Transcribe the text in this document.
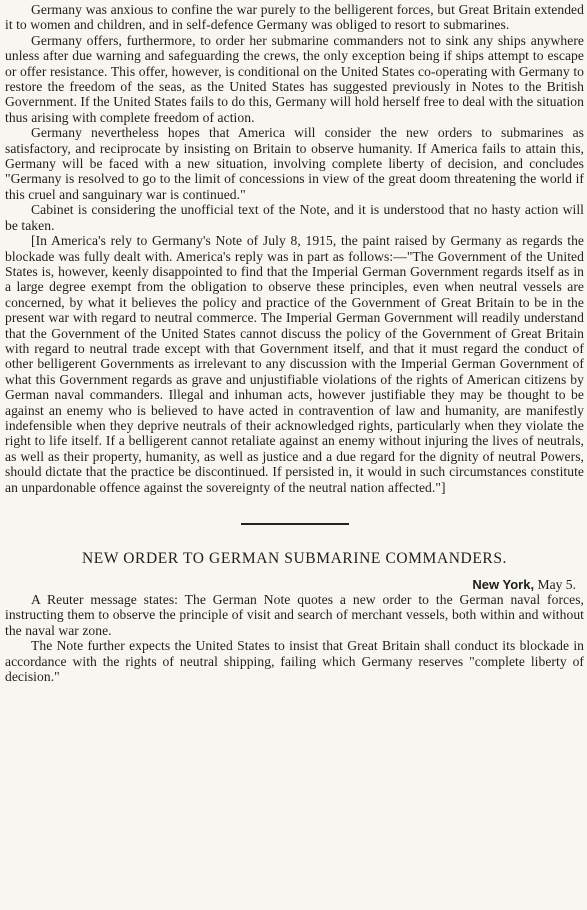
Germany was anxious to confine the war purely to the belligerent forces, but Great Britain extended it to women and children, and in self-defence Germany was obliged to resort to submarines.

Germany offers, furthermore, to order her submarine commanders not to sink any ships anywhere unless after due warning and safeguarding the crews, the only exception being if ships attempt to escape or offer resistance. This offer, however, is conditional on the United States co-operating with Germany to restore the freedom of the seas, as the United States has suggested previously in Notes to the British Government. If the United States fails to do this, Germany will hold herself free to deal with the situation thus arising with complete freedom of action.

Germany nevertheless hopes that America will consider the new orders to submarines as satisfactory, and reciprocate by insisting on Britain to observe humanity. If America fails to attain this, Germany will be faced with a new situation, involving complete liberty of decision, and concludes "Germany is resolved to go to the limit of concessions in view of the great doom threatening the world if this cruel and sanguinary war is continued."

Cabinet is considering the unofficial text of the Note, and it is understood that no hasty action will be taken.

[In America's rely to Germany's Note of July 8, 1915, the paint raised by Germany as regards the blockade was fully dealt with. America's reply was in part as follows:—"The Government of the United States is, however, keenly disappointed to find that the Imperial German Government regards itself as in a large degree exempt from the obligation to observe these principles, even when neutral vessels are concerned, by what it believes the policy and practice of the Government of Great Britain to be in the present war with regard to neutral commerce. The Imperial German Government will readily understand that the Government of the United States cannot discuss the policy of the Government of Great Britain with regard to neutral trade except with that Government itself, and that it must regard the conduct of other belligerent Governments as irrelevant to any discussion with the Imperial German Government of what this Government regards as grave and unjustifiable violations of the rights of American citizens by German naval commanders. Illegal and inhuman acts, however justifiable they may be thought to be against an enemy who is believed to have acted in contravention of law and humanity, are manifestly indefensible when they deprive neutrals of their acknowledged rights, particularly when they violate the right to life itself. If a belligerent cannot retaliate against an enemy without injuring the lives of neutrals, as well as their property, humanity, as well as justice and a due regard for the dignity of neutral Powers, should dictate that the practice be discontinued. If persisted in, it would in such circumstances constitute an unpardonable offence against the sovereignty of the neutral nation affected."]

NEW ORDER TO GERMAN SUBMARINE COMMANDERS.

New York, May 5.

A Reuter message states: The German Note quotes a new order to the German naval forces, instructing them to observe the principle of visit and search of merchant vessels, both within and without the naval war zone.

The Note further expects the United States to insist that Great Britain shall conduct its blockade in accordance with the rights of neutral shipping, failing which Germany reserves "complete liberty of decision."
